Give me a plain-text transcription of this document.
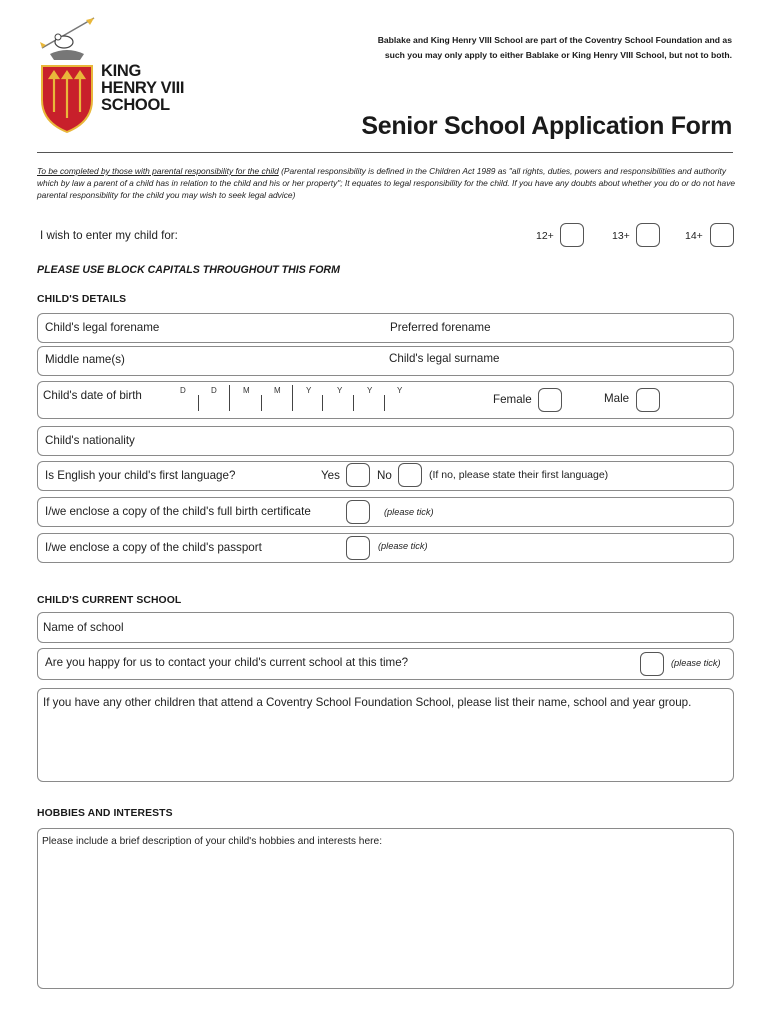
KING
HENRY VIII
SCHOOL
Bablake and King Henry VIII School are part of the Coventry School Foundation and as
such you may only apply to either Bablake or King Henry VIII School, but not to both.
Senior School Application Form
To be completed by those with parental responsibility for the child (Parental responsibility is defined in the Children Act 1989 as "all rights, duties, powers and responsibilities and authority which by law a parent of a child has in relation to the child and his or her property"; It equates to legal responsibility for the child. If you have any doubts about whether you do or do not have parental responsibility for the child you may wish to seek legal advice)
I wish to enter my child for:	12+	13+	14+
PLEASE USE BLOCK CAPITALS THROUGHOUT THIS FORM
CHILD'S DETAILS
Child's legal forename	Preferred forename
Middle name(s)	Child's legal surname
Child's date of birth	D	D	M	M	Y	Y	Y	Y
Female	Male
Child's nationality
Is English your child's first language?	Yes	No	(If no, please state their first language)
I/we enclose a copy of the child's full birth certificate	(please tick)
I/we enclose a copy of the child's passport	(please tick)
CHILD'S CURRENT SCHOOL
Name of school
Are you happy for us to contact your child's current school at this time?	(please tick)
If you have any other children that attend a Coventry School Foundation School, please list their name, school and year group.
HOBBIES AND INTERESTS
Please include a brief description of your child's hobbies and interests here:
